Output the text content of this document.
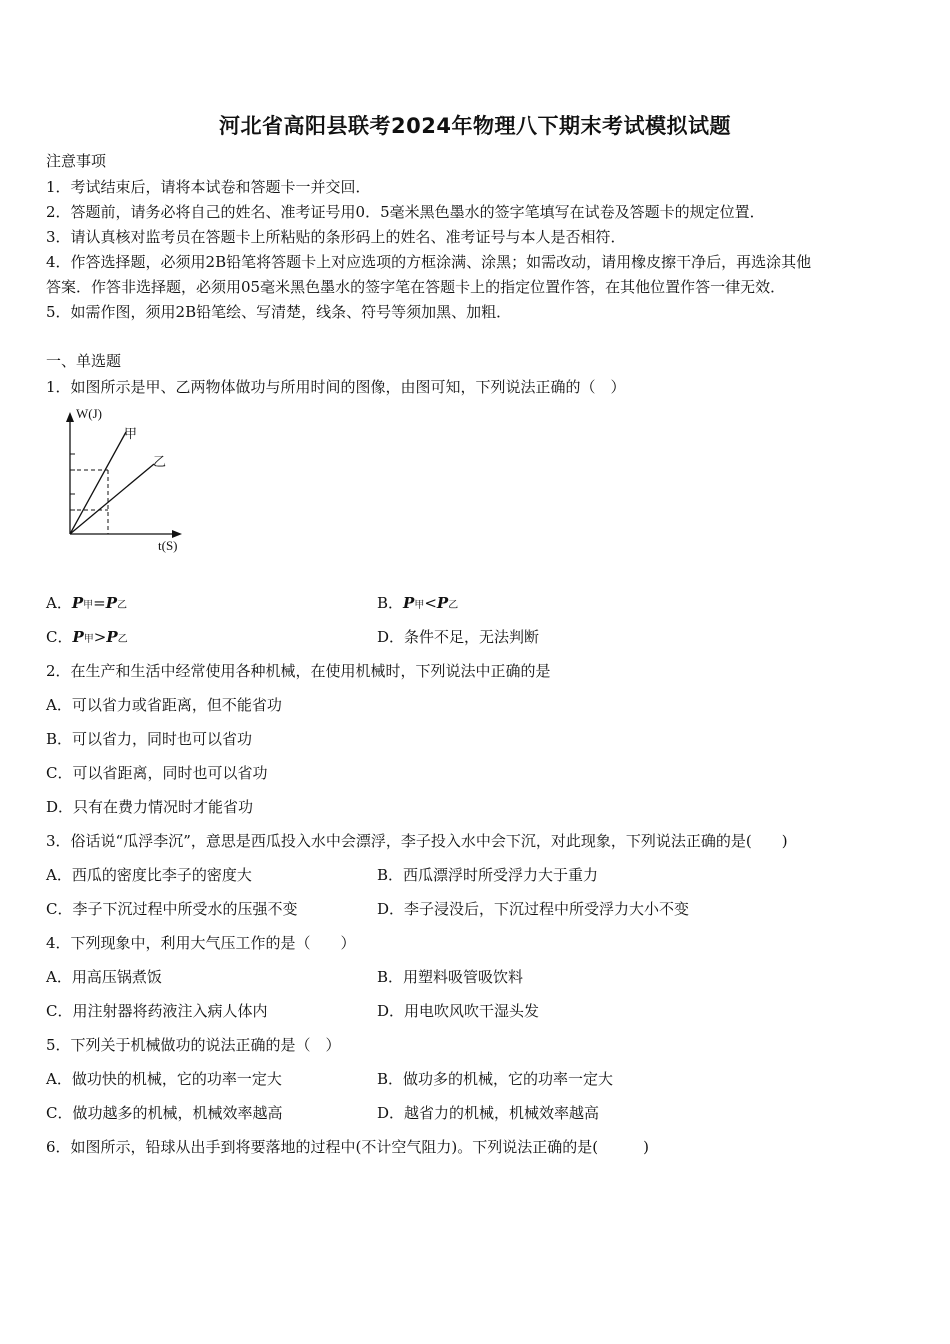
河北省高阳县联考2024年物理八下期末考试模拟试题
注意事项
1．考试结束后，请将本试卷和答题卡一并交回．
2．答题前，请务必将自己的姓名、准考证号用0．5毫米黑色墨水的签字笔填写在试卷及答题卡的规定位置．
3．请认真核对监考员在答题卡上所粘贴的条形码上的姓名、准考证号与本人是否相符．
4．作答选择题，必须用2B铅笔将答题卡上对应选项的方框涂满、涂黑；如需改动，请用橡皮擦干净后，再选涂其他
答案．作答非选择题，必须用05毫米黑色墨水的签字笔在答题卡上的指定位置作答，在其他位置作答一律无效．
5．如需作图，须用2B铅笔绘、写清楚，线条、符号等须加黑、加粗．
一、单选题
1．如图所示是甲、乙两物体做功与所用时间的图像，由图可知，下列说法正确的（　）
W(J)
t(S)
甲
乙
A．P甲=P乙	B．P甲<P乙
C．P甲>P乙	D．条件不足，无法判断
2．在生产和生活中经常使用各种机械，在使用机械时，下列说法中正确的是
A．可以省力或省距离，但不能省功
B．可以省力，同时也可以省功
C．可以省距离，同时也可以省功
D．只有在费力情况时才能省功
3．俗话说“瓜浮李沉”，意思是西瓜投入水中会漂浮，李子投入水中会下沉，对此现象，下列说法正确的是(　　)
A．西瓜的密度比李子的密度大	B．西瓜漂浮时所受浮力大于重力
C．李子下沉过程中所受水的压强不变	D．李子浸没后，下沉过程中所受浮力大小不变
4．下列现象中，利用大气压工作的是（　　）
A．用高压锅煮饭	B．用塑料吸管吸饮料
C．用注射器将药液注入病人体内	D．用电吹风吹干湿头发
5．下列关于机械做功的说法正确的是（　）
A．做功快的机械，它的功率一定大	B．做功多的机械，它的功率一定大
C．做功越多的机械，机械效率越高	D．越省力的机械，机械效率越高
6．如图所示，铅球从出手到将要落地的过程中(不计空气阻力)。下列说法正确的是(　　　)
